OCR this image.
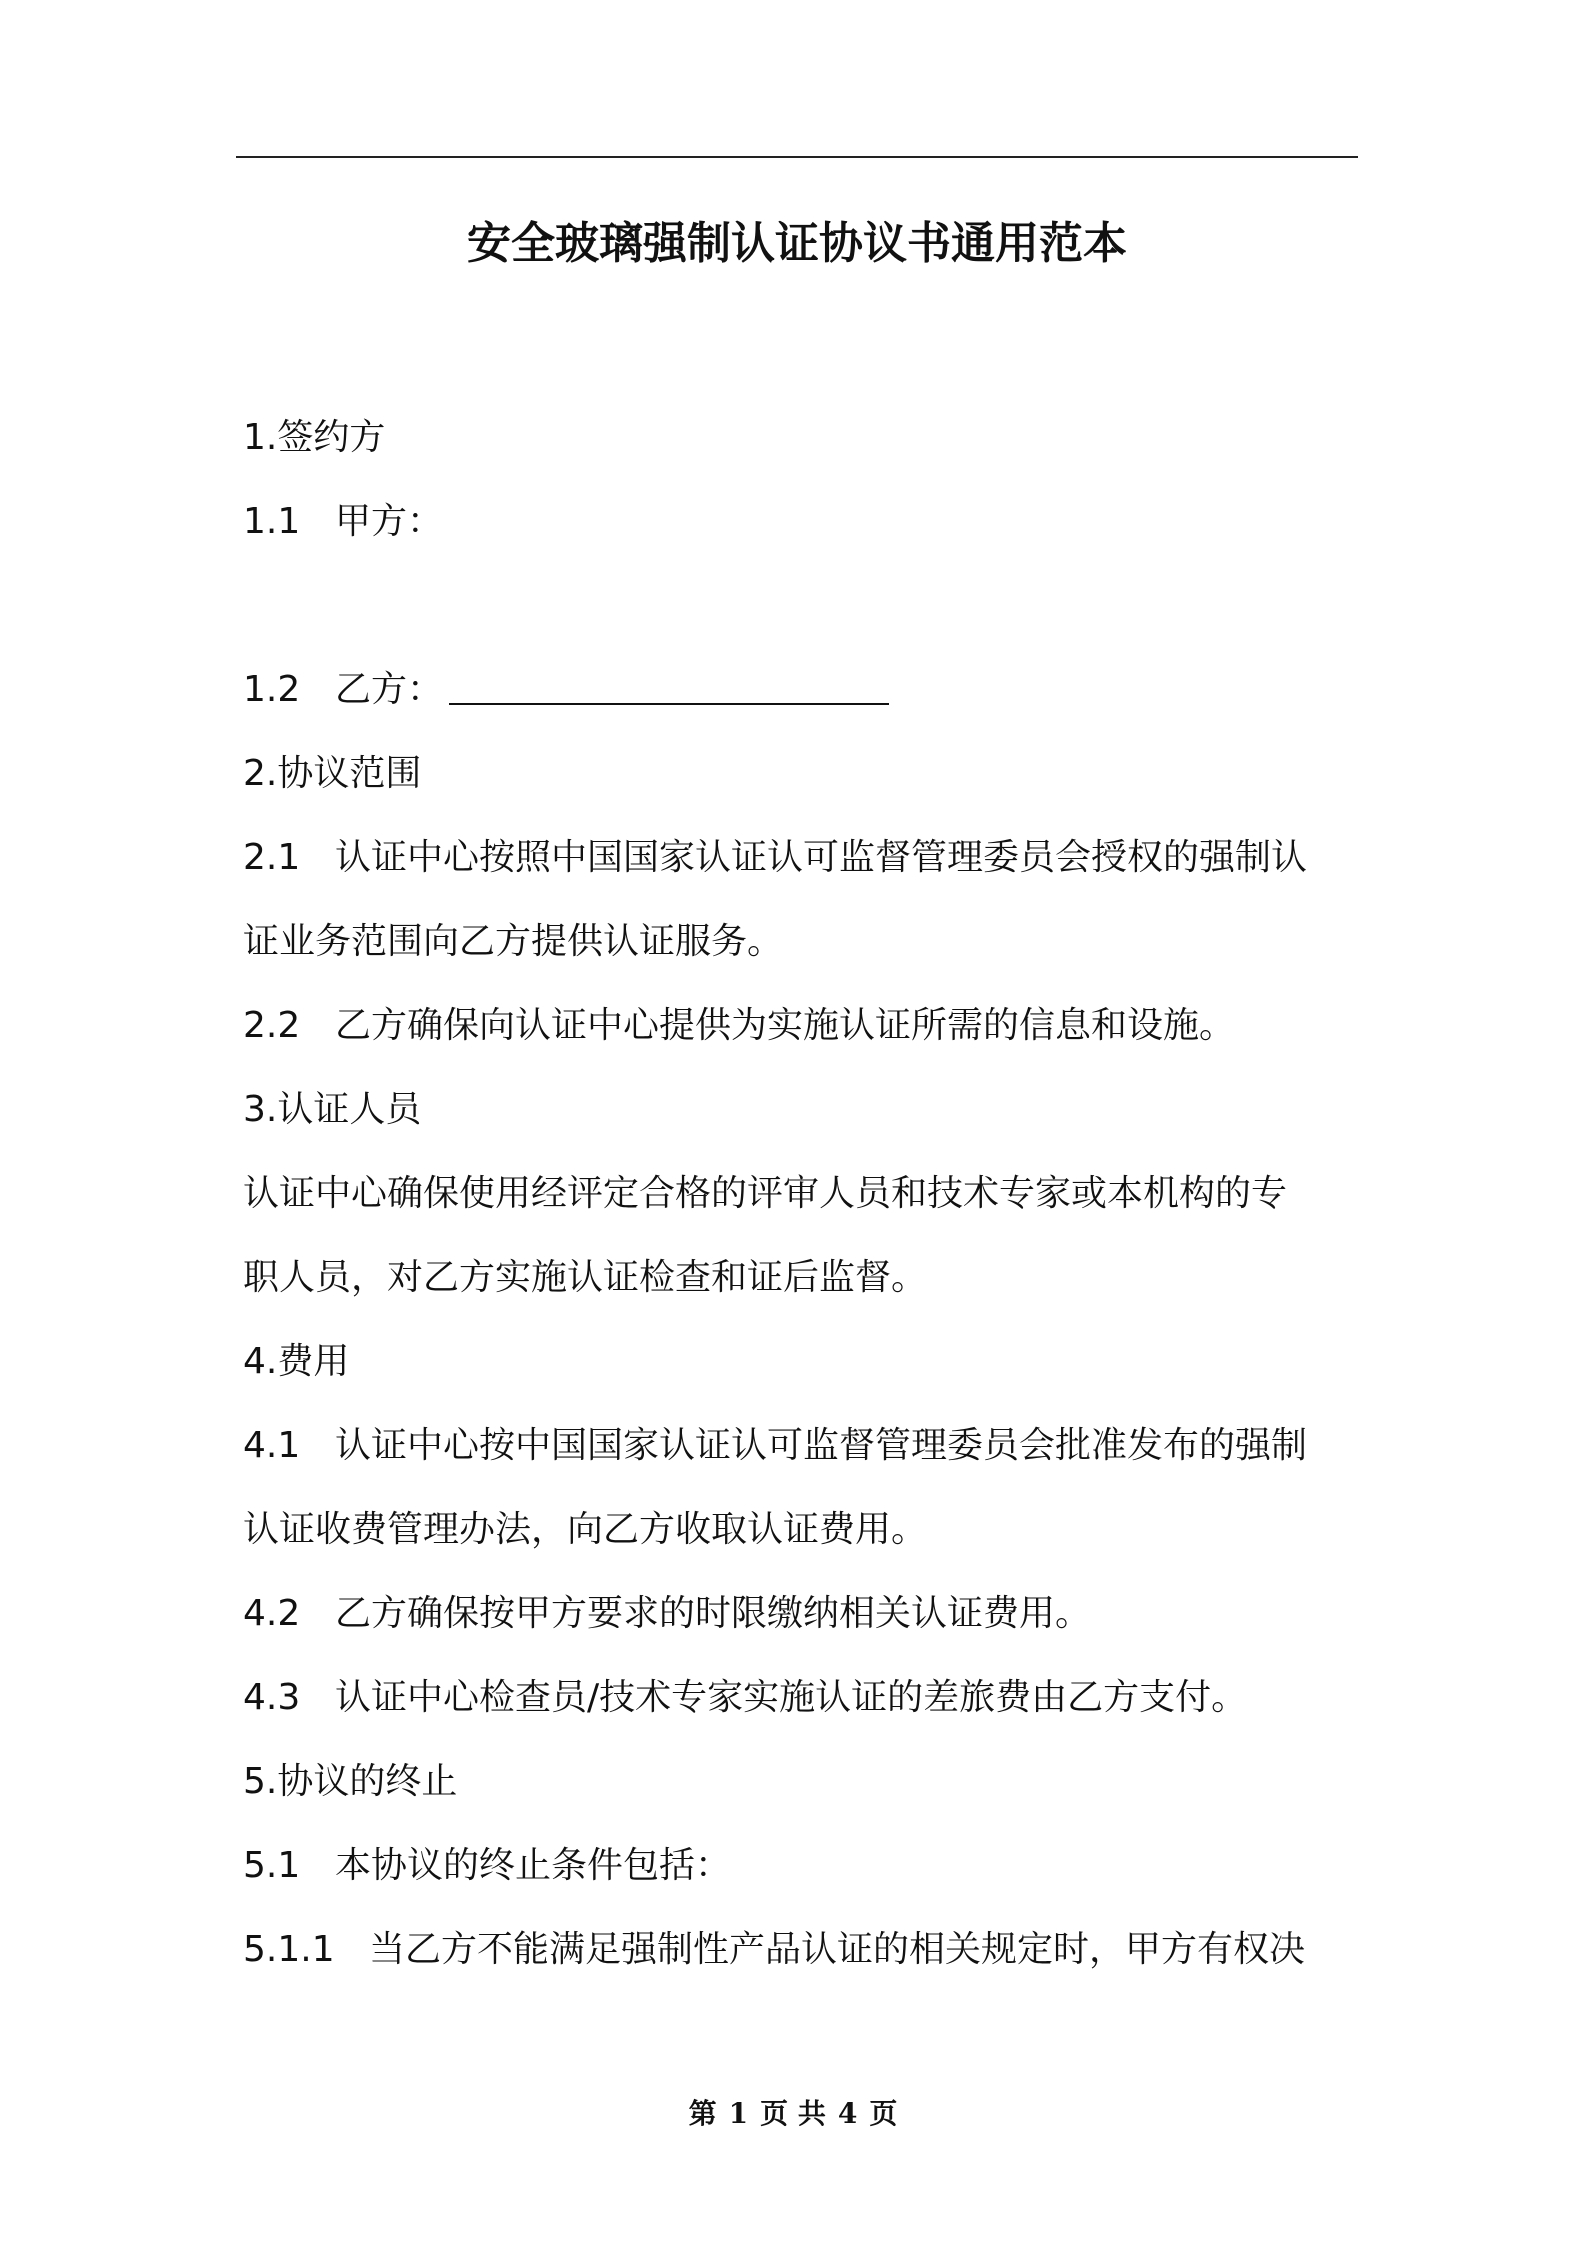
安全玻璃强制认证协议书通用范本
1.签约方
1.1 甲方：
1.2 乙方：
2.协议范围
2.1 认证中心按照中国国家认证认可监督管理委员会授权的强制认
证业务范围向乙方提供认证服务。
2.2 乙方确保向认证中心提供为实施认证所需的信息和设施。
3.认证人员
认证中心确保使用经评定合格的评审人员和技术专家或本机构的专
职人员，对乙方实施认证检查和证后监督。
4.费用
4.1 认证中心按中国国家认证认可监督管理委员会批准发布的强制
认证收费管理办法，向乙方收取认证费用。
4.2 乙方确保按甲方要求的时限缴纳相关认证费用。
4.3 认证中心检查员/技术专家实施认证的差旅费由乙方支付。
5.协议的终止
5.1 本协议的终止条件包括：
5.1.1 当乙方不能满足强制性产品认证的相关规定时，甲方有权决
第 1 页 共 4 页
